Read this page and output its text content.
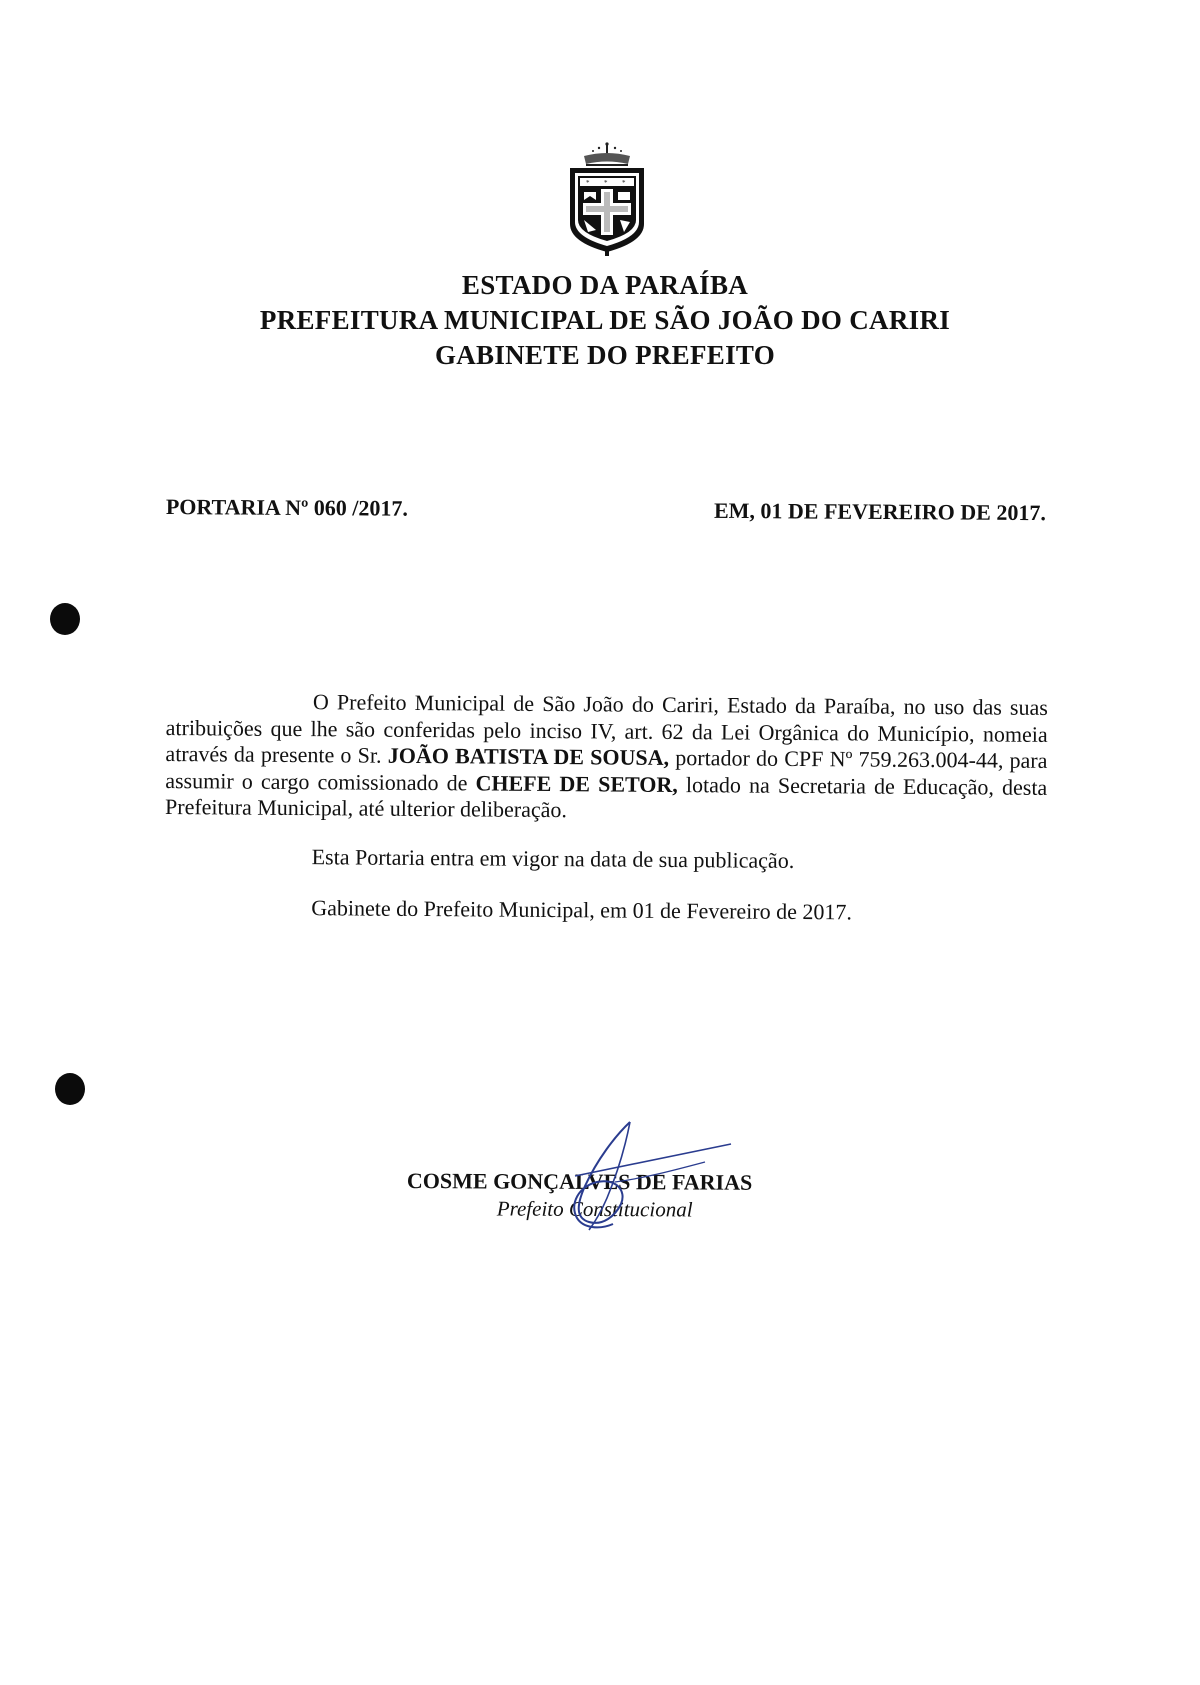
* * *
ESTADO DA PARAÍBA
PREFEITURA MUNICIPAL DE SÃO JOÃO DO CARIRI
GABINETE DO PREFEITO
PORTARIA Nº 060 /2017.	EM, 01 DE FEVEREIRO DE 2017.

O Prefeito Municipal de São João do Cariri, Estado da Paraíba, no uso das suas atribuições que lhe são conferidas pelo inciso IV, art. 62 da Lei Orgânica do Município, nomeia através da presente o Sr. JOÃO BATISTA DE SOUSA, portador do CPF Nº 759.263.004-44, para assumir o cargo comissionado de CHEFE DE SETOR, lotado na Secretaria de Educação, desta Prefeitura Municipal, até ulterior deliberação.

Esta Portaria entra em vigor na data de sua publicação.

Gabinete do Prefeito Municipal, em 01 de Fevereiro de 2017.

COSME GONÇALVES DE FARIAS
Prefeito Constitucional
